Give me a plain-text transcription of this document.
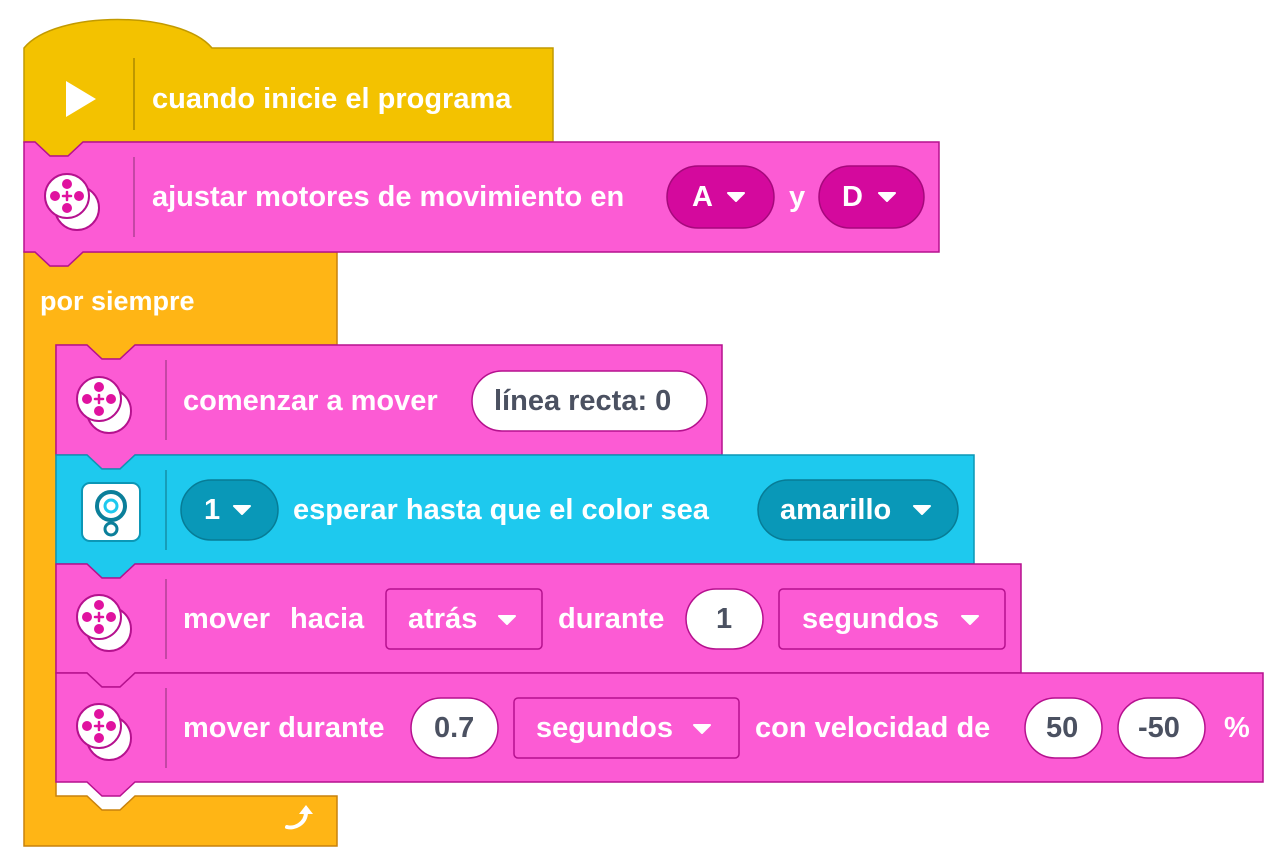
cuando inicie el programa
ajustar motores de movimiento en A	y D
por siempre
comenzar a mover línea recta: 0
1	esperar hasta que el color sea amarillo
mover hacia atrás	durante 1 segundos
mover durante 0.7 segundos	con velocidad de 50 -50 %
